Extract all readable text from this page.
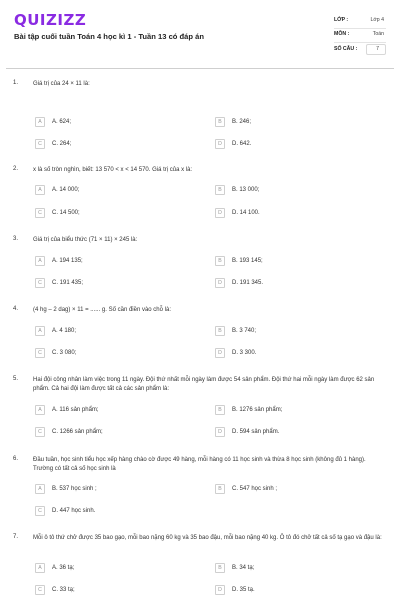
QUIZIZZ
Bài tập cuối tuần Toán 4 học kì 1 - Tuần 13 có đáp án
LỚP :	Lớp 4
MÔN :	Toán
SỐ CÂU :	7
1. Giá trị của 24 × 11 là:
A	A. 624;	B	B. 246;
C	C. 264;	D	D. 642.
2. x là số tròn nghìn, biết: 13 570 < x < 14 570. Giá trị của x là:
A	A. 14 000;	B	B. 13 000;
C	C. 14 500;	D	D. 14 100.
3. Giá trị của biểu thức (71 × 11) × 245 là:
A	A. 194 135;	B	B. 193 145;
C	C. 191 435;	D	D. 191 345.
4. (4 hg – 2 dag) × 11 = ...... g. Số cần điền vào chỗ là:
A	A. 4 180;	B	B. 3 740;
C	C. 3 080;	D	D. 3 300.
5. Hai đội công nhân làm việc trong 11 ngày. Đội thứ nhất mỗi ngày làm được 54 sản phẩm. Đội thứ hai mỗi ngày làm được 62 sản phẩm. Cả hai đội làm được tất cả các sản phẩm là:
A	A. 116 sản phẩm;	B	B. 1276 sản phẩm;
C	C. 1266 sản phẩm;	D	D. 594 sản phẩm.
6. Đầu tuần, học sinh tiểu học xếp hàng chào cờ được 49 hàng, mỗi hàng có 11 học sinh và thừa 8 học sinh (không đủ 1 hàng). Trường có tất cả số học sinh là
A	B. 537 học sinh ;	B	C. 547 học sinh ;
C	D. 447 học sinh.
7. Mỗi ô tô thứ chở được 35 bao gạo, mỗi bao nặng 60 kg và 35 bao đậu, mỗi bao nặng 40 kg. Ô tô đó chở tất cả số tạ gạo và đậu là:
A	A. 36 tạ;	B	B. 34 tạ;
C	C. 33 tạ;	D	D. 35 tạ.
